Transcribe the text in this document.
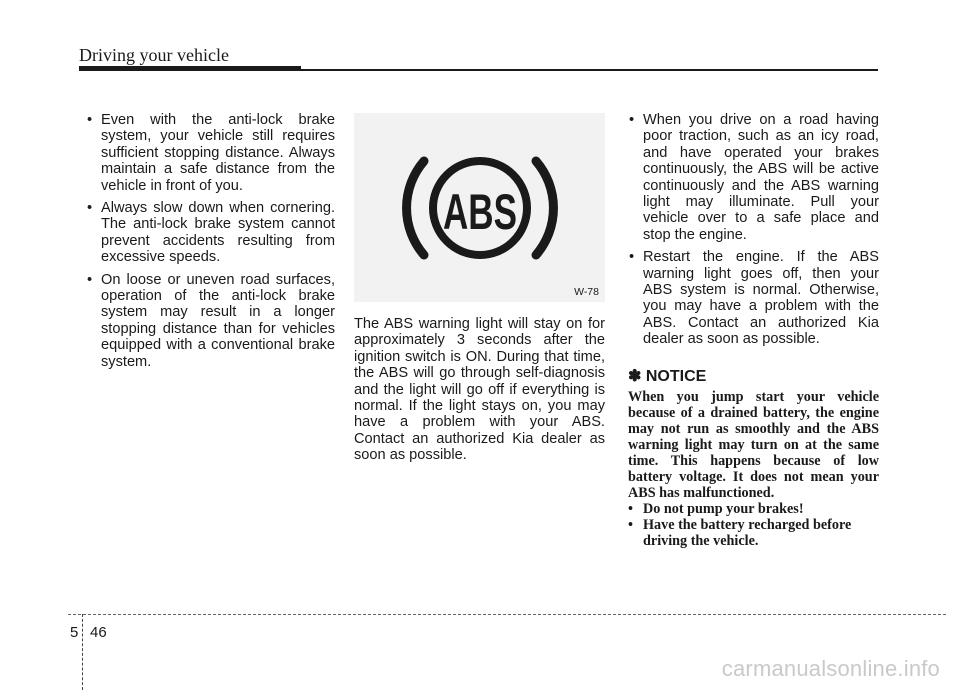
Driving your vehicle
• Even with the anti-lock brake system, your vehicle still requires sufficient stopping distance. Always maintain a safe distance from the vehicle in front of you.
• Always slow down when cornering. The anti-lock brake system cannot prevent accidents resulting from excessive speeds.
• On loose or uneven road surfaces, operation of the anti-lock brake system may result in a longer stopping distance than for vehicles equipped with a conventional brake system.
ABS
W-78

The ABS warning light will stay on for approximately 3 seconds after the ignition switch is ON. During that time, the ABS will go through self-diagnosis and the light will go off if everything is normal. If the light stays on, you may have a problem with your ABS. Contact an authorized Kia dealer as soon as possible.

• When you drive on a road having poor traction, such as an icy road, and have operated your brakes continuously, the ABS will be active continuously and the ABS warning light may illuminate. Pull your vehicle over to a safe place and stop the engine.
• Restart the engine. If the ABS warning light goes off, then your ABS system is normal. Otherwise, you may have a problem with the ABS. Contact an authorized Kia dealer as soon as possible.
✽ NOTICE

When you jump start your vehicle because of a drained battery, the engine may not run as smoothly and the ABS warning light may turn on at the same time. This happens because of low battery voltage. It does not mean your ABS has malfunctioned.

• Do not pump your brakes!
• Have the battery recharged before driving the vehicle.
5 46
carmanualsonline.info
